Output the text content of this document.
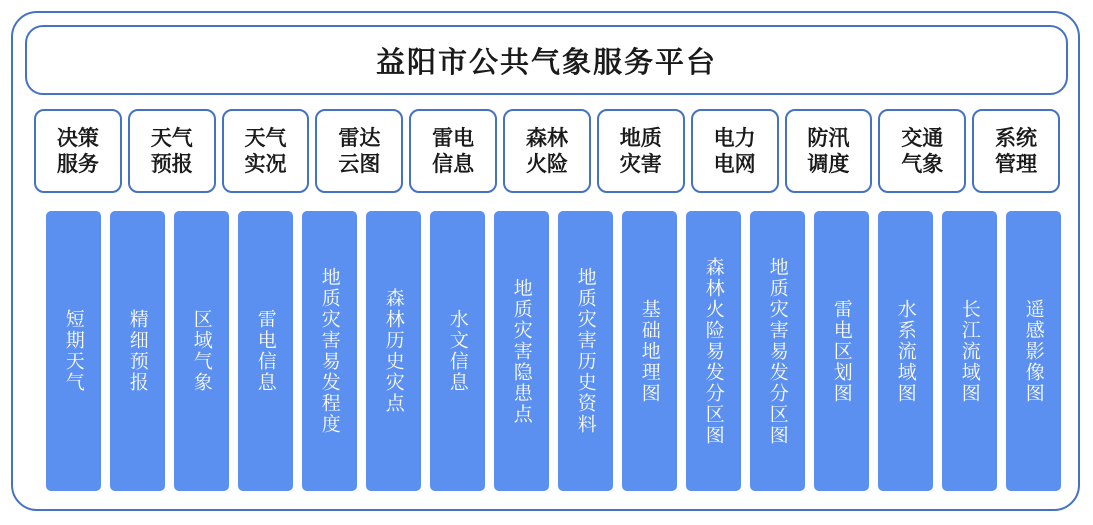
益阳市公共气象服务平台
决策
服务
天气
预报
天气
实况
雷达
云图
雷电
信息
森林
火险
地质
灾害
电力
电网
防汛
调度
交通
气象
系统
管理
短期天气	精细预报	区域气象	雷电信息	地质灾害易发程度	森林历史灾点	水文信息	地质灾害隐患点	地质灾害历史资料	基础地理图	森林火险易发分区图	地质灾害易发分区图	雷电区划图	水系流域图	长江流域图	遥感影像图
